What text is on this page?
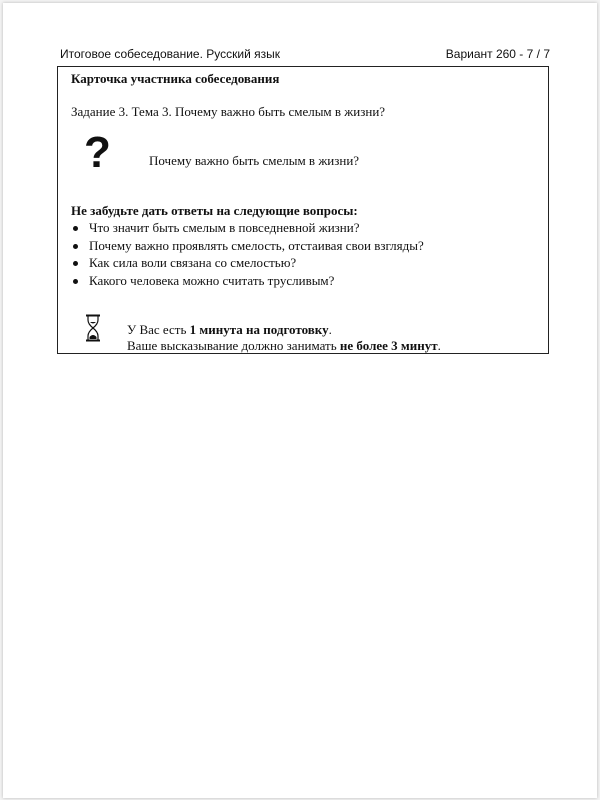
Итоговое собеседование. Русский язык	Вариант 260 - 7 / 7
Карточка участника собеседования
Задание 3. Тема 3. Почему важно быть смелым в жизни?
?	Почему важно быть смелым в жизни?
Не забудьте дать ответы на следующие вопросы:
Что значит быть смелым в повседневной жизни?
Почему важно проявлять смелость, отстаивая свои взгляды?
Как сила воли связана со смелостью?
Какого человека можно считать трусливым?
У Вас есть 1 минута на подготовку.
Ваше высказывание должно занимать не более 3 минут.
